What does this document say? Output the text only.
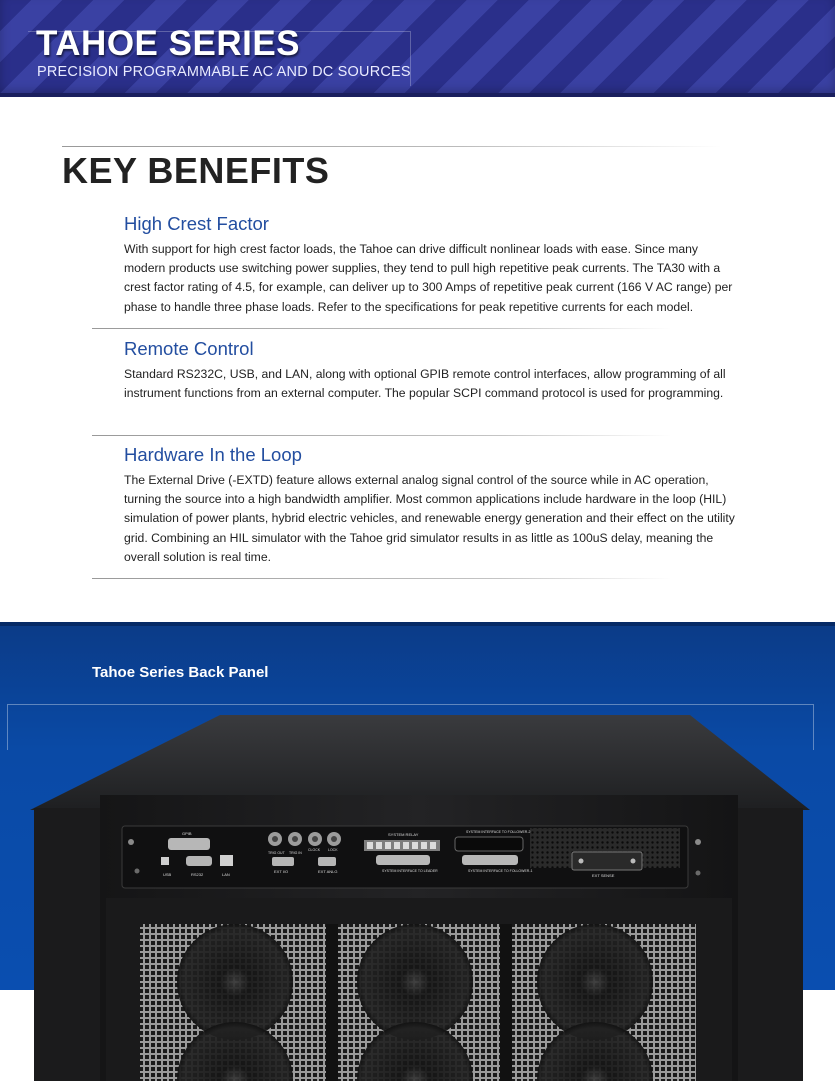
TAHOE SERIES
PRECISION PROGRAMMABLE AC AND DC SOURCES
KEY BENEFITS
High Crest Factor

With support for high crest factor loads, the Tahoe can drive difficult nonlinear loads with ease. Since many modern products use switching power supplies, they tend to pull high repetitive peak currents. The TA30 with a crest factor rating of 4.5, for example, can deliver up to 300 Amps of repetitive peak current (166 V AC range) per phase to handle three phase loads. Refer to the specifications for peak repetitive currents for each model.

Remote Control

Standard RS232C, USB, and LAN, along with optional GPIB remote control interfaces, allow programming of all instrument functions from an external computer. The popular SCPI command protocol is used for programming.

Hardware In the Loop

The External Drive (-EXTD) feature allows external analog signal control of the source while in AC operation, turning the source into a high bandwidth amplifier. Most common applications include hardware in the loop (HIL) simulation of power plants, hybrid electric vehicles, and renewable energy generation and their effect on the utility grid. Combining an HIL simulator with the Tahoe grid simulator results in as little as 100uS delay, meaning the overall solution is real time.

Tahoe Series Back Panel
GPIB
USB	RS232	LAN
TRIG OUT TRIG IN
CLOCK LOCK
EXT I/O	EXT ANLG
SYSTEM RELAY
SYSTEM INTERFACE TO LEADER
SYSTEM INTERFACE TO FOLLOWER-2
SYSTEM INTERFACE TO FOLLOWER-1
EXT SENSE
